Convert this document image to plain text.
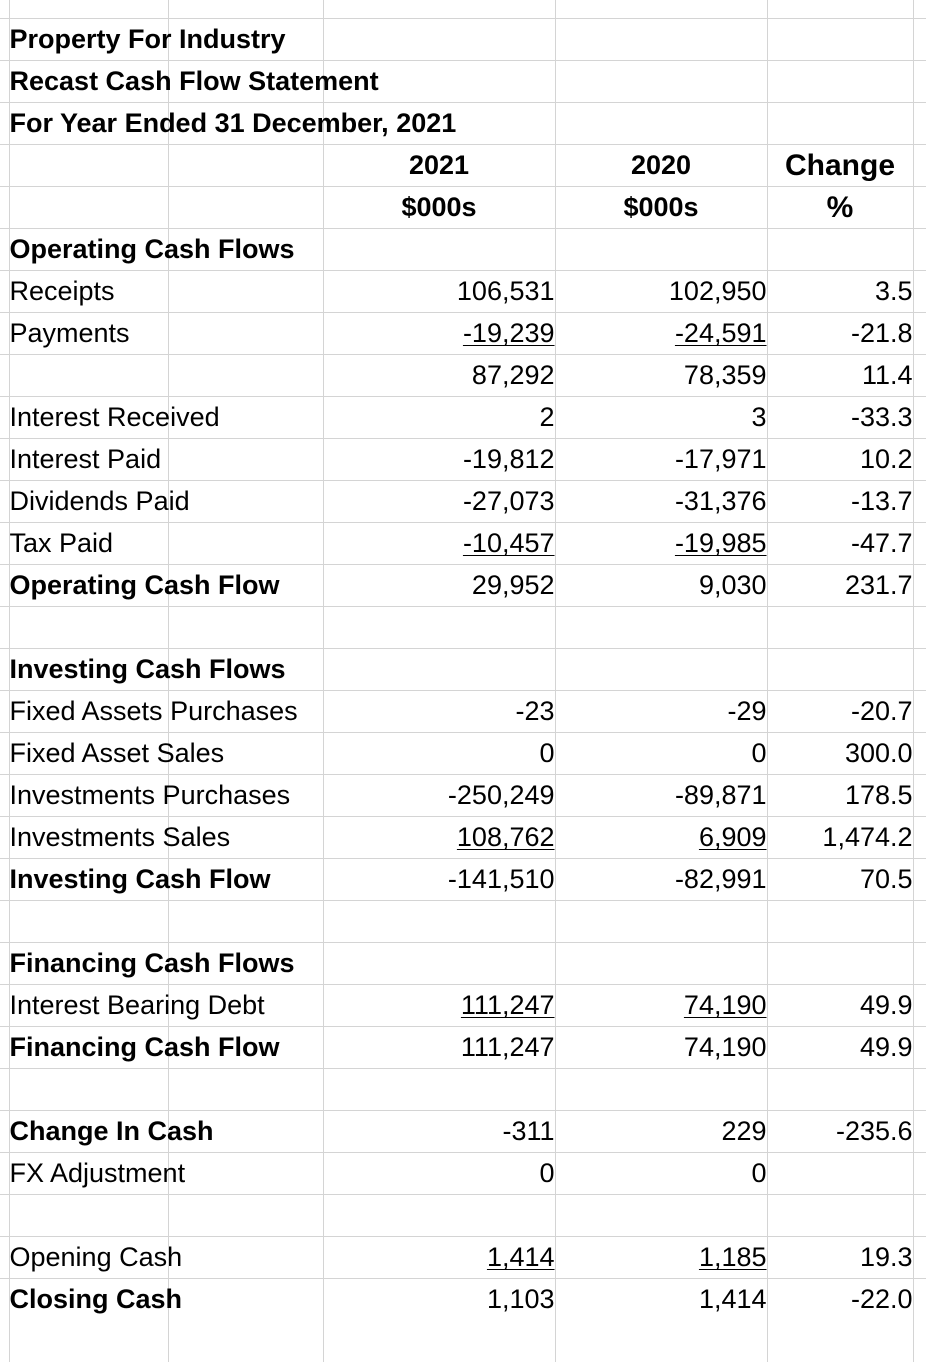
	Property For Industry					
	Recast Cash Flow Statement					
	For Year Ended 31 December, 2021					
			2021	2020	Change	
			$000s	$000s	%	
	Operating Cash Flows					
	Receipts		106,531	102,950	3.5	
	Payments		-19,239	-24,591	-21.8	
			87,292	78,359	11.4	
	Interest Received		2	3	-33.3	
	Interest Paid		-19,812	-17,971	10.2	
	Dividends Paid		-27,073	-31,376	-13.7	
	Tax Paid		-10,457	-19,985	-47.7	
	Operating Cash Flow		29,952	9,030	231.7	

	Investing Cash Flows					
	Fixed Assets Purchases		-23	-29	-20.7	
	Fixed Asset Sales		0	0	300.0	
	Investments Purchases		-250,249	-89,871	178.5	
	Investments Sales		108,762	6,909	1,474.2	
	Investing Cash Flow		-141,510	-82,991	70.5	

	Financing Cash Flows					
	Interest Bearing Debt		111,247	74,190	49.9	
	Financing Cash Flow		111,247	74,190	49.9	

	Change In Cash		-311	229	-235.6	
	FX Adjustment		0	0		

	Opening Cash		1,414	1,185	19.3	
	Closing Cash		1,103	1,414	-22.0	
